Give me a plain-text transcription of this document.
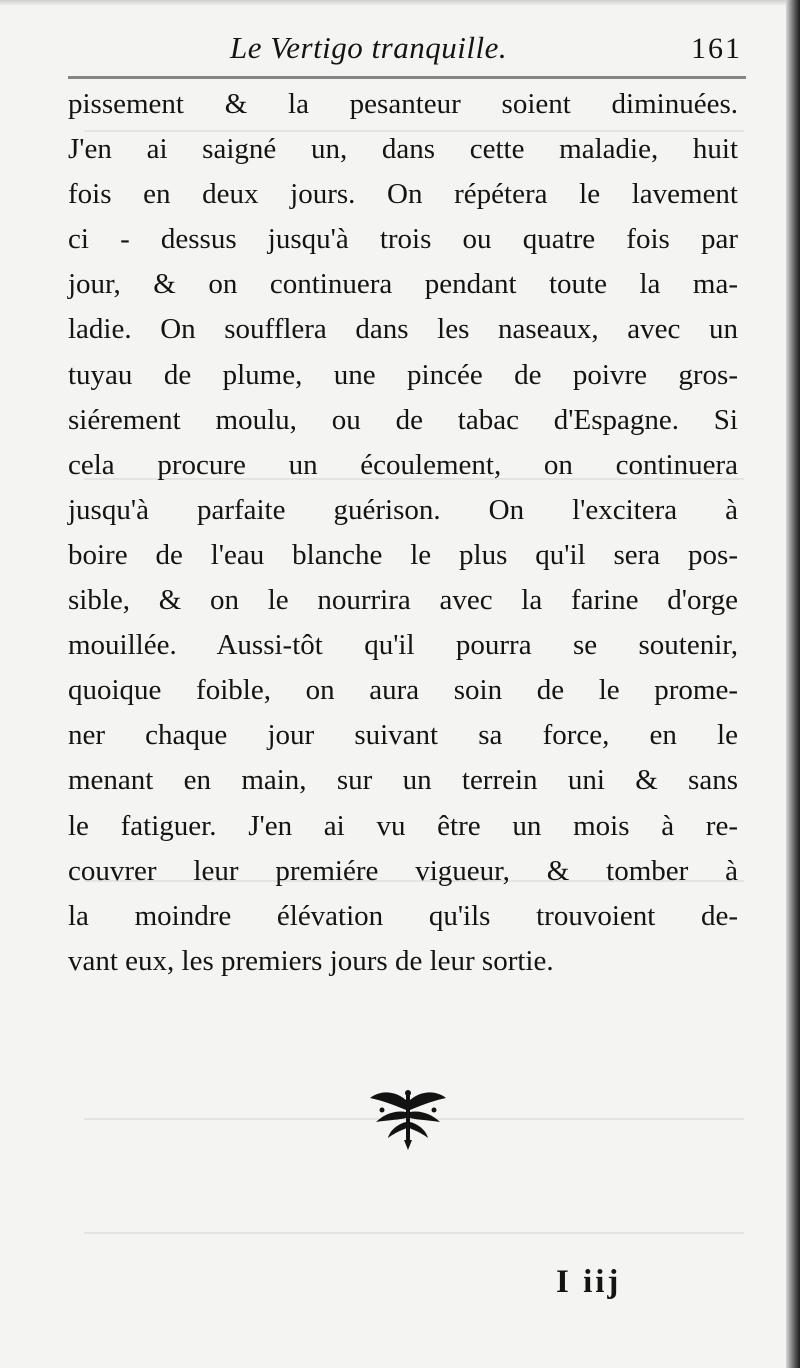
Le Vertigo tranquille.	161
pissement & la pesanteur soient diminuées.
J'en ai saigné un, dans cette maladie, huit
fois en deux jours. On répétera le lavement
ci - dessus jusqu'à trois ou quatre fois par
jour, & on continuera pendant toute la ma-
ladie. On soufflera dans les naseaux, avec un
tuyau de plume, une pincée de poivre gros-
siérement moulu, ou de tabac d'Espagne. Si
cela procure un écoulement, on continuera
jusqu'à parfaite guérison. On l'excitera à
boire de l'eau blanche le plus qu'il sera pos-
sible, & on le nourrira avec la farine d'orge
mouillée. Aussi-tôt qu'il pourra se soutenir,
quoique foible, on aura soin de le prome-
ner chaque jour suivant sa force, en le
menant en main, sur un terrein uni & sans
le fatiguer. J'en ai vu être un mois à re-
couvrer leur premiére vigueur, & tomber à
la moindre élévation qu'ils trouvoient de-
vant eux, les premiers jours de leur sortie.
I iij
